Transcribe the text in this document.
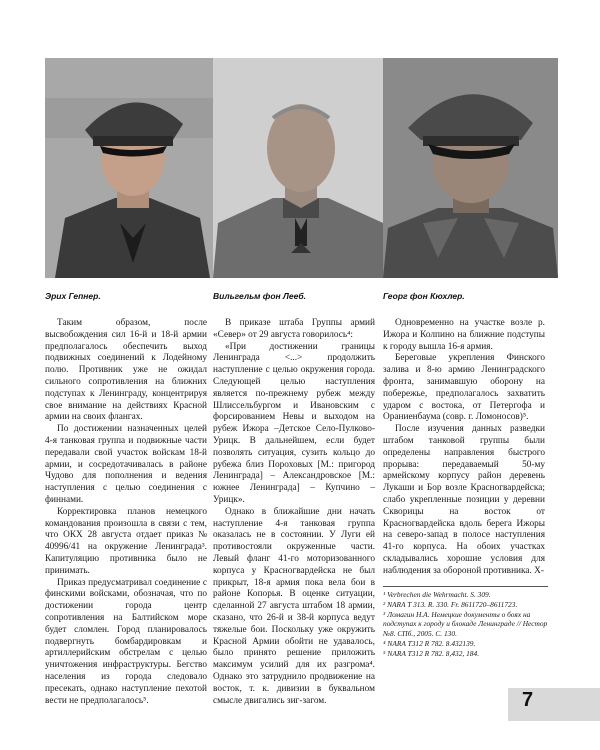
Эрих Гепнер.	Вильгельм фон Лееб.	Георг фон Кюхлер.

Таким образом, после высвобождения сил 16-й и 18-й армии предполагалось обеспечить выход подвижных соединений к Лодейному полю. Противник уже не ожидал сильного сопротивления на ближних подступах к Ленинграду, концентрируя свое внимание на действиях Красной армии на своих флангах.

По достижении назначенных целей 4-я танковая группа и подвижные части передавали свой участок войскам 18-й армии, и сосредотачивалась в районе Чудово для пополнения и ведения наступления с целью соединения с финнами.

Корректировка планов немецкого командования произошла в связи с тем, что ОКХ 28 августа отдает приказ № 40996/41 на окружение Ленинграда³. Капитуляцию противника было не принимать.

Приказ предусматривал соединение с финскими войсками, обозначая, что по достижении города центр сопротивления на Балтийском море будет сломлен. Город планировалось подвергнуть бомбардировкам и артиллерийским обстрелам с целью уничтожения инфраструктуры. Бегство населения из города следовало пресекать, однако наступление пехотой вести не предполагалось⁵.

В приказе штаба Группы армий «Север» от 29 августа говорилось⁴:

«При достижении границы Ленинграда <...> продолжить наступление с целью окружения города. Следующей целью наступления является по-прежнему рубеж между Шлиссельбургом и Ивановским с форсированием Невы и выходом на рубеж Ижора –Детское Село-Пулково-Урицк. В дальнейшем, если будет позволять ситуация, сузить кольцо до рубежа близ Пороховых [М.: пригород Ленинграда] – Александровское [М.: южнее Ленинграда] – Купчино – Урицк».

Однако в ближайшие дни начать наступление 4-я танковая группа оказалась не в состоянии. У Луги ей противостояли окруженные части. Левый фланг 41-го моторизованного корпуса у Красногвардейска не был прикрыт, 18-я армия пока вела бои в районе Копорья. В оценке ситуации, сделанной 27 августа штабом 18 армии, сказано, что 26-й и 38-й корпуса ведут тяжелые бои. Поскольку уже окружить Красной Армии обойти не удавалось, было принято решение приложить максимум усилий для их разгрома⁴. Однако это затруднило продвижение на восток, т. к. дивизии в буквальном смысле двигались зиг-загом.

Одновременно на участке возле р. Ижора и Колпино на ближние подступы к городу вышла 16-я армия.

Береговые укрепления Финского залива и 8-ю армию Ленинградского фронта, занимавшую оборону на побережье, предполагалось захватить ударом с востока, от Петергофа и Ораниенбаума (совр. г. Ломоносов)⁵.

После изучения данных разведки штабом танковой группы были определены направления быстрого прорыва: передаваемый 50-му армейскому корпусу район деревень Лукаши и Бор возле Красногвардейска; слабо укрепленные позиции у деревни Скворицы на восток от Красногвардейска вдоль берега Ижоры на северо-запад в полосе наступления 41-го корпуса. На обоих участках складывались хорошие условия для наблюдения за обороной противника. Х-

¹ Verbrechen die Wehrmacht. S. 309.
² NARA T 313. R. 330. Fr. 8611720–8611723.
³ Ломагин Н.А. Немецкие документы о боях на подступах к городу и блокаде Ленинграде // Нестор №8. СПб., 2005. С. 130.
⁴ NARA T312 R 782. 8.432139.
⁵ NARA T312 R 782. 8,432, 184.
7
